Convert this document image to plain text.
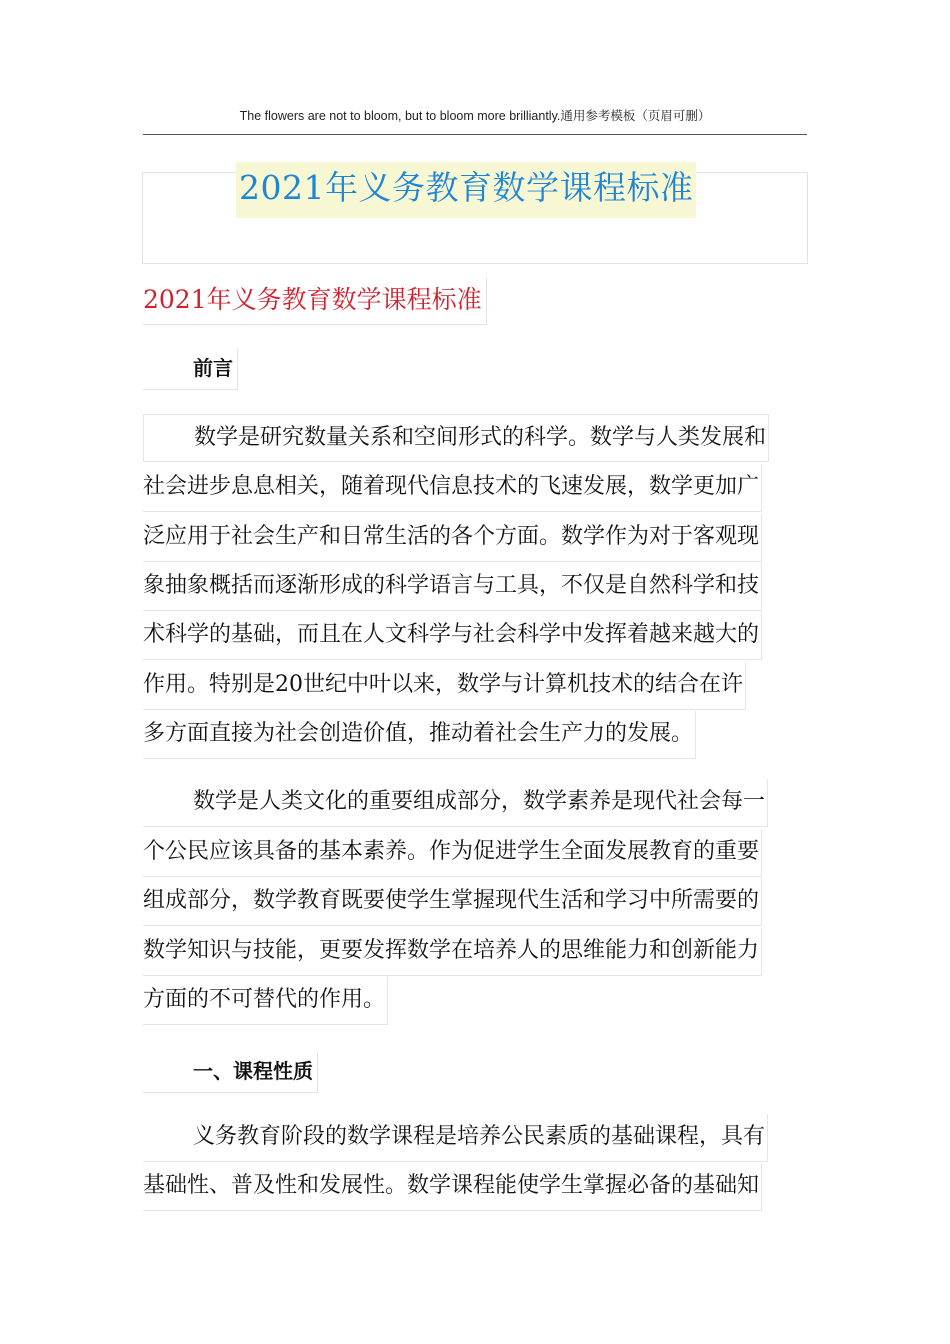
The flowers are not to bloom, but to bloom more brilliantly.通用参考模板（页眉可删）
2021年义务教育数学课程标准
2021年义务教育数学课程标准
前言
数学是研究数量关系和空间形式的科学。数学与人类发展和
社会进步息息相关，随着现代信息技术的飞速发展，数学更加广
泛应用于社会生产和日常生活的各个方面。数学作为对于客观现
象抽象概括而逐渐形成的科学语言与工具，不仅是自然科学和技
术科学的基础，而且在人文科学与社会科学中发挥着越来越大的
作用。特别是20世纪中叶以来，数学与计算机技术的结合在许
多方面直接为社会创造价值，推动着社会生产力的发展。
数学是人类文化的重要组成部分，数学素养是现代社会每一
个公民应该具备的基本素养。作为促进学生全面发展教育的重要
组成部分，数学教育既要使学生掌握现代生活和学习中所需要的
数学知识与技能，更要发挥数学在培养人的思维能力和创新能力
方面的不可替代的作用。
一、课程性质
义务教育阶段的数学课程是培养公民素质的基础课程，具有
基础性、普及性和发展性。数学课程能使学生掌握必备的基础知
